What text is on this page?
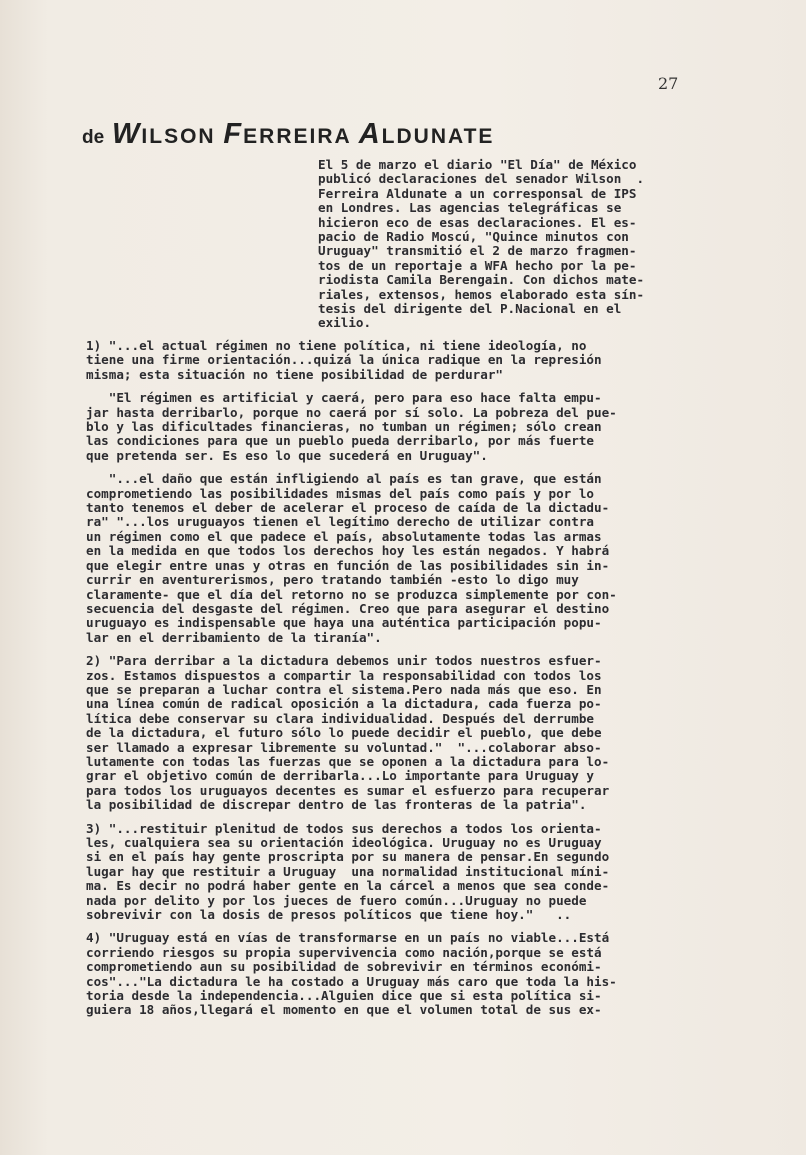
27
de WILSON FERREIRA ALDUNATE
El 5 de marzo el diario "El Día" de México
publicó declaraciones del senador Wilson  .
Ferreira Aldunate a un corresponsal de IPS
en Londres. Las agencias telegráficas se
hicieron eco de esas declaraciones. El es-
pacio de Radio Moscú, "Quince minutos con
Uruguay" transmitió el 2 de marzo fragmen-
tos de un reportaje a WFA hecho por la pe-
riodista Camila Berengain. Con dichos mate-
riales, extensos, hemos elaborado esta sín-
tesis del dirigente del P.Nacional en el
exilio.
1) "...el actual régimen no tiene política, ni tiene ideología, no
tiene una firme orientación...quizá la única radique en la represión
misma; esta situación no tiene posibilidad de perdurar"
"El régimen es artificial y caerá, pero para eso hace falta empu-
jar hasta derribarlo, porque no caerá por sí solo. La pobreza del pue-
blo y las dificultades financieras, no tumban un régimen; sólo crean
las condiciones para que un pueblo pueda derribarlo, por más fuerte
que pretenda ser. Es eso lo que sucederá en Uruguay".
"...el daño que están infligiendo al país es tan grave, que están
comprometiendo las posibilidades mismas del país como país y por lo
tanto tenemos el deber de acelerar el proceso de caída de la dictadu-
ra" "...los uruguayos tienen el legítimo derecho de utilizar contra
un régimen como el que padece el país, absolutamente todas las armas
en la medida en que todos los derechos hoy les están negados. Y habrá
que elegir entre unas y otras en función de las posibilidades sin in-
currir en aventurerismos, pero tratando también -esto lo digo muy
claramente- que el día del retorno no se produzca simplemente por con-
secuencia del desgaste del régimen. Creo que para asegurar el destino
uruguayo es indispensable que haya una auténtica participación popu-
lar en el derribamiento de la tiranía".
2) "Para derribar a la dictadura debemos unir todos nuestros esfuer-
zos. Estamos dispuestos a compartir la responsabilidad con todos los
que se preparan a luchar contra el sistema.Pero nada más que eso. En
una línea común de radical oposición a la dictadura, cada fuerza po-
lítica debe conservar su clara individualidad. Después del derrumbe
de la dictadura, el futuro sólo lo puede decidir el pueblo, que debe
ser llamado a expresar libremente su voluntad."  "...colaborar abso-
lutamente con todas las fuerzas que se oponen a la dictadura para lo-
grar el objetivo común de derribarla...Lo importante para Uruguay y
para todos los uruguayos decentes es sumar el esfuerzo para recuperar
la posibilidad de discrepar dentro de las fronteras de la patria".
3) "...restituir plenitud de todos sus derechos a todos los orienta-
les, cualquiera sea su orientación ideológica. Uruguay no es Uruguay
si en el país hay gente proscripta por su manera de pensar.En segundo
lugar hay que restituir a Uruguay  una normalidad institucional míni-
ma. Es decir no podrá haber gente en la cárcel a menos que sea conde-
nada por delito y por los jueces de fuero común...Uruguay no puede
sobrevivir con la dosis de presos políticos que tiene hoy."   ..
4) "Uruguay está en vías de transformarse en un país no viable...Está
corriendo riesgos su propia supervivencia como nación,porque se está
comprometiendo aun su posibilidad de sobrevivir en términos económi-
cos"..."La dictadura le ha costado a Uruguay más caro que toda la his-
toria desde la independencia...Alguien dice que si esta política si-
guiera 18 años,llegará el momento en que el volumen total de sus ex-
